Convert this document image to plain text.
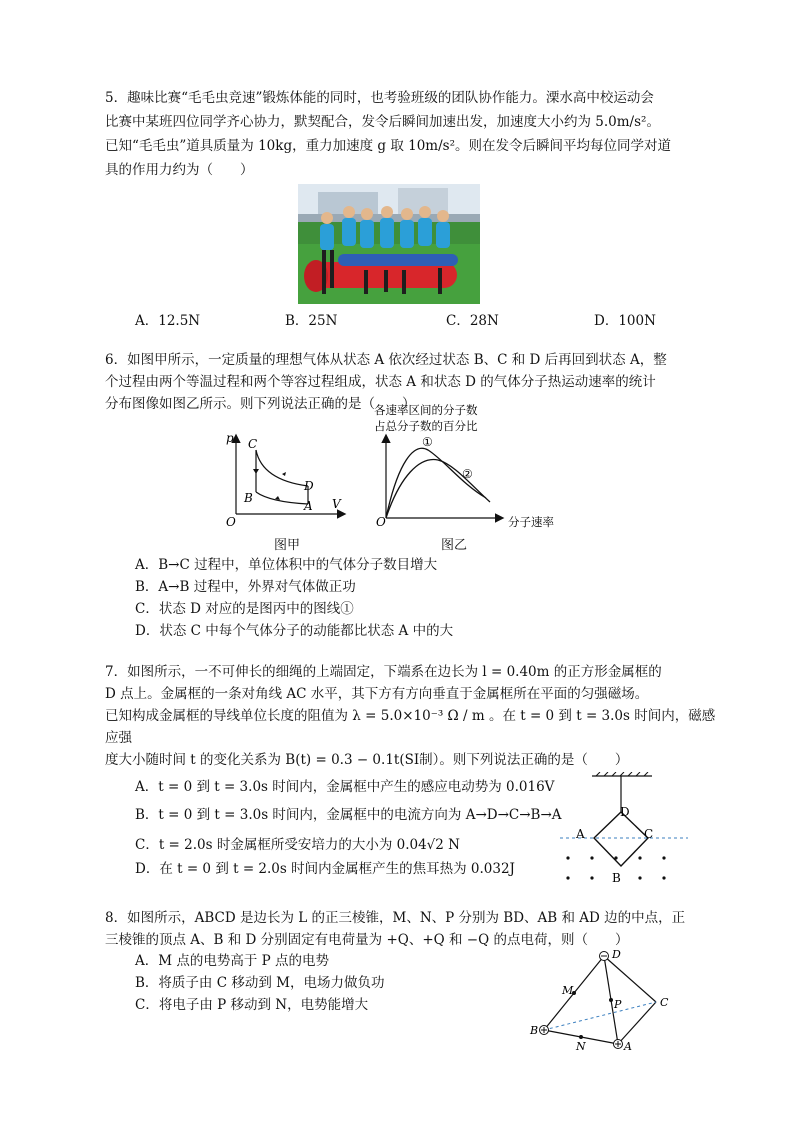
5．趣味比赛“毛毛虫竞速”锻炼体能的同时，也考验班级的团队协作能力。溧水高中校运动会
比赛中某班四位同学齐心协力，默契配合，发令后瞬间加速出发，加速度大小约为 5.0m/s²。
已知“毛毛虫”道具质量为 10kg，重力加速度 g 取 10m/s²。则在发令后瞬间平均每位同学对道
具的作用力约为（　　）
A．12.5N	B．25N	C．28N	D．100N
6．如图甲所示，一定质量的理想气体从状态 A 依次经过状态 B、C 和 D 后再回到状态 A，整
个过程由两个等温过程和两个等容过程组成，状态 A 和状态 D 的气体分子热运动速率的统计
分布图像如图乙所示。则下列说法正确的是（　　）
p
V
O
C
B
D
A
图甲
各速率区间的分子数
占总分子数的百分比
①
②
O	分子速率
图乙
A．B→C 过程中，单位体积中的气体分子数目增大
B．A→B 过程中，外界对气体做正功
C．状态 D 对应的是图丙中的图线①
D．状态 C 中每个气体分子的动能都比状态 A 中的大
7．如图所示，一不可伸长的细绳的上端固定，下端系在边长为 l = 0.40m 的正方形金属框的
D 点上。金属框的一条对角线 AC 水平，其下方有方向垂直于金属框所在平面的匀强磁场。
已知构成金属框的导线单位长度的阻值为 λ = 5.0×10⁻³ Ω / m 。在 t = 0 到 t = 3.0s 时间内，磁感
应强
度大小随时间 t 的变化关系为 B(t) = 0.3 − 0.1t(SI制）。则下列说法正确的是（　　）
A．t = 0 到 t = 3.0s 时间内，金属框中产生的感应电动势为 0.016V
B．t = 0 到 t = 3.0s 时间内，金属框中的电流方向为 A→D→C→B→A
C．t = 2.0s 时金属框所受安培力的大小为 0.04√2 N
D．在 t = 0 到 t = 2.0s 时间内金属框产生的焦耳热为 0.032J
D
A	C
B
8．如图所示，ABCD 是边长为 L 的正三棱锥，M、N、P 分别为 BD、AB 和 AD 边的中点，正
三棱锥的顶点 A、B 和 D 分别固定有电荷量为 +Q、+Q 和 −Q 的点电荷，则（　　）
A．M 点的电势高于 P 点的电势
B．将质子由 C 移动到 M，电场力做负功
C．将电子由 P 移动到 N，电势能增大
D
B
A
C
M
N
P
